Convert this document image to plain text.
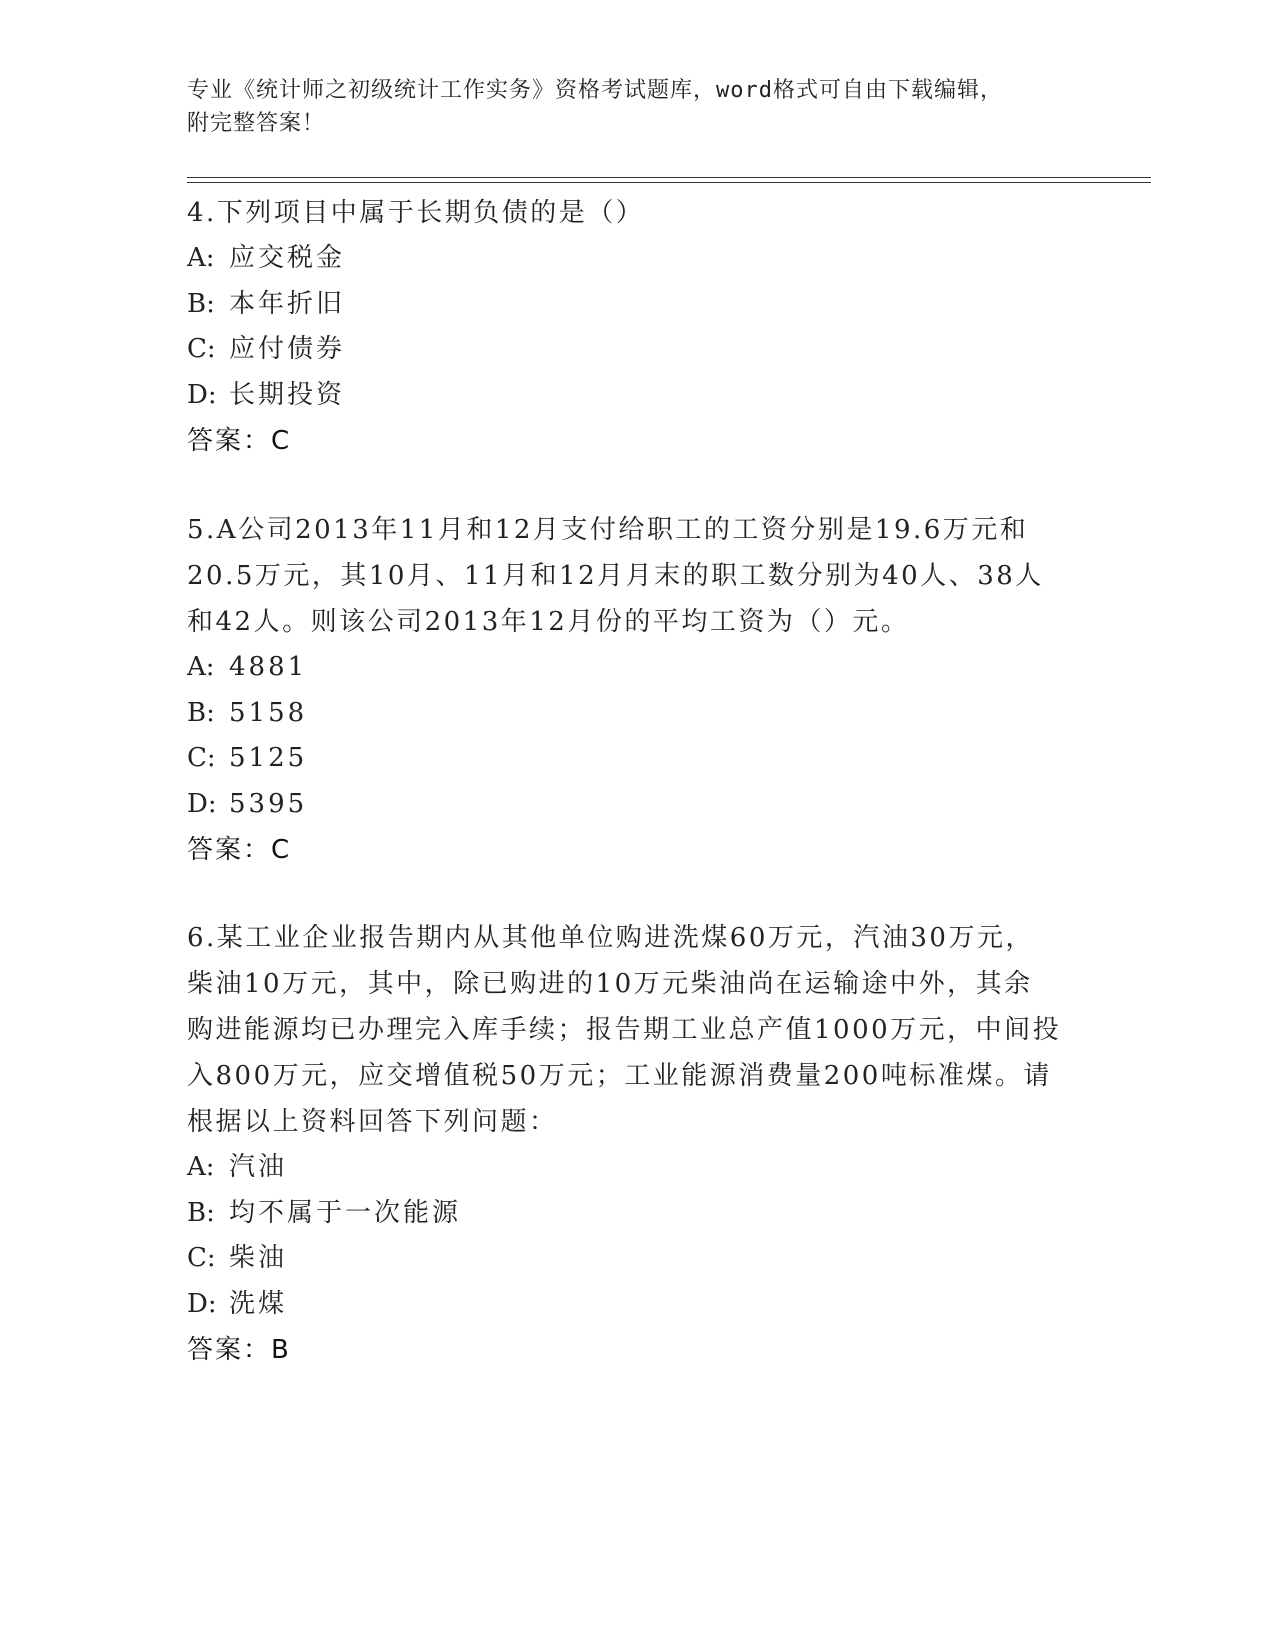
专业《统计师之初级统计工作实务》资格考试题库，word格式可自由下载编辑，
附完整答案！
4.下列项目中属于长期负债的是（）
A: 应交税金
B: 本年折旧
C: 应付债券
D: 长期投资
答案：C
5.A公司2013年11月和12月支付给职工的工资分别是19.6万元和
20.5万元，其10月、11月和12月月末的职工数分别为40人、38人
和42人。则该公司2013年12月份的平均工资为（）元。
A: 4881
B: 5158
C: 5125
D: 5395
答案：C
6.某工业企业报告期内从其他单位购进洗煤60万元，汽油30万元，
柴油10万元，其中，除已购进的10万元柴油尚在运输途中外，其余
购进能源均已办理完入库手续；报告期工业总产值1000万元，中间投
入800万元，应交增值税50万元；工业能源消费量200吨标准煤。请
根据以上资料回答下列问题：
A: 汽油
B: 均不属于一次能源
C: 柴油
D: 洗煤
答案：B
